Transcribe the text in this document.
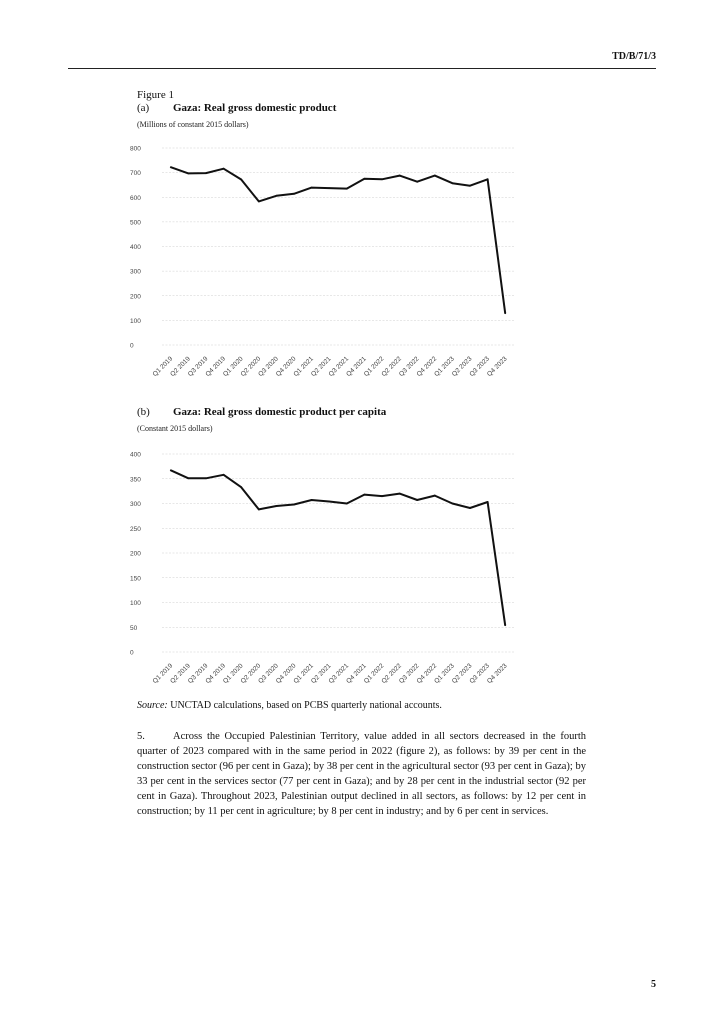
TD/B/71/3
Figure 1
(a) Gaza: Real gross domestic product
(Millions of constant 2015 dollars)
0
100
200
300
400
500
600
700
800
Q1 2019
Q2 2019
Q3 2019
Q4 2019
Q1 2020
Q2 2020
Q3 2020
Q4 2020
Q1 2021
Q2 2021
Q3 2021
Q4 2021
Q1 2022
Q2 2022
Q3 2022
Q4 2022
Q1 2023
Q2 2023
Q3 2023
Q4 2023
(b) Gaza: Real gross domestic product per capita
(Constant 2015 dollars)
0
50
100
150
200
250
300
350
400
Q1 2019
Q2 2019
Q3 2019
Q4 2019
Q1 2020
Q2 2020
Q3 2020
Q4 2020
Q1 2021
Q2 2021
Q3 2021
Q4 2021
Q1 2022
Q2 2022
Q3 2022
Q4 2022
Q1 2023
Q2 2023
Q3 2023
Q4 2023
Source: UNCTAD calculations, based on PCBS quarterly national accounts.

5.	Across the Occupied Palestinian Territory, value added in all sectors decreased in the fourth quarter of 2023 compared with in the same period in 2022 (figure 2), as follows: by 39 per cent in the construction sector (96 per cent in Gaza); by 38 per cent in the agricultural sector (93 per cent in Gaza); by 33 per cent in the services sector (77 per cent in Gaza); and by 28 per cent in the industrial sector (92 per cent in Gaza). Throughout 2023, Palestinian output declined in all sectors, as follows: by 12 per cent in construction; by 11 per cent in agriculture; by 8 per cent in industry; and by 6 per cent in services.

5
